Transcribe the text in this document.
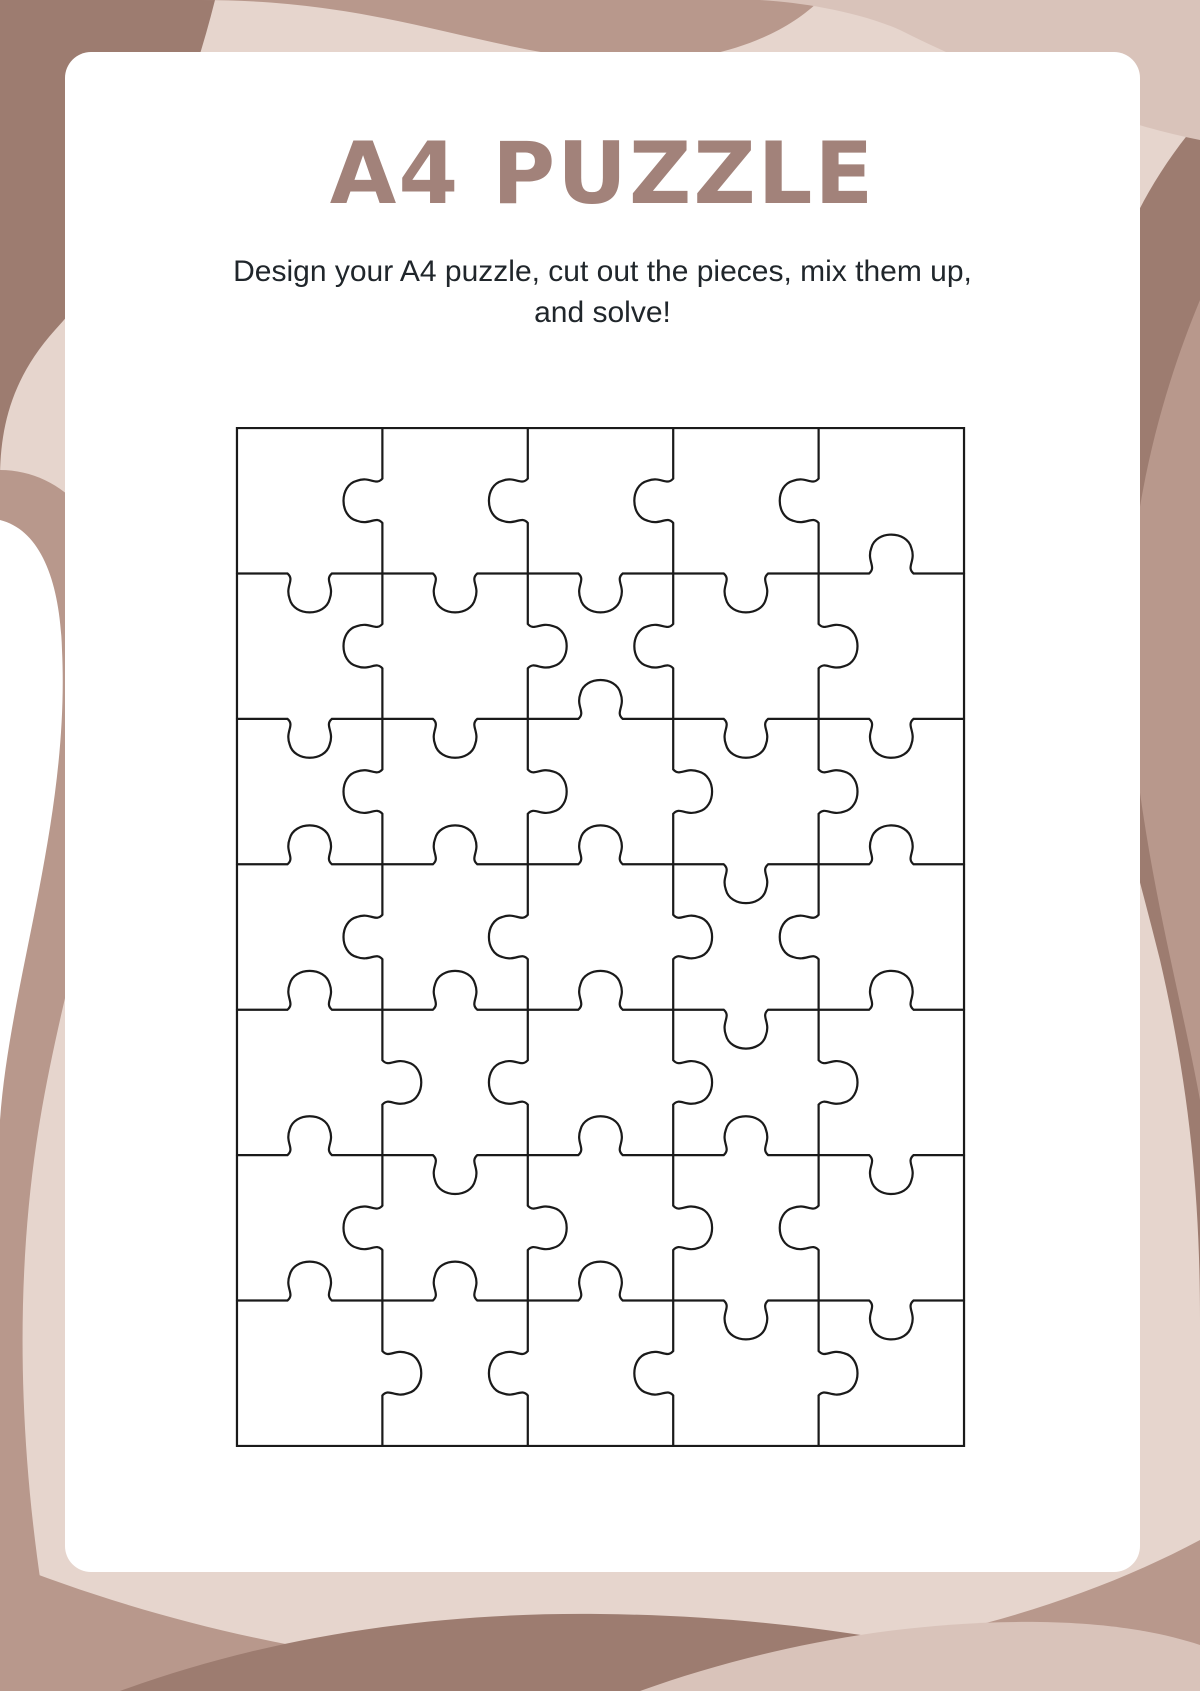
A4 PUZZLE
Design your A4 puzzle, cut out the pieces, mix them up, and solve!
